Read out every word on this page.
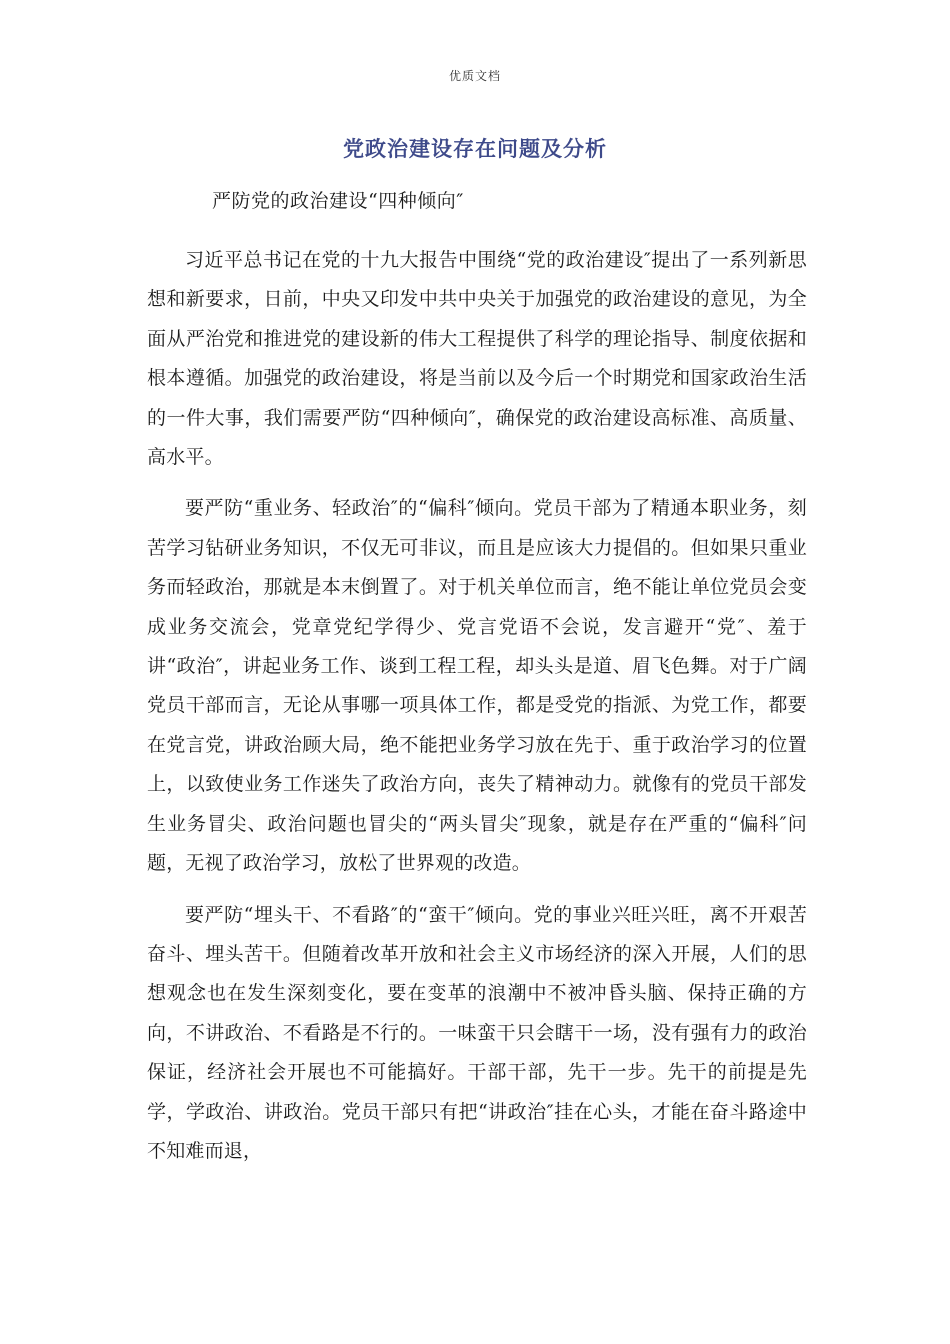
优质文档
党政治建设存在问题及分析
严防党的政治建设“四种倾向″

习近平总书记在党的十九大报告中围绕“党的政治建设″提出了一系列新思想和新要求，日前，中央又印发中共中央关于加强党的政治建设的意见，为全面从严治党和推进党的建设新的伟大工程提供了科学的理论指导、制度依据和根本遵循。加强党的政治建设，将是当前以及今后一个时期党和国家政治生活的一件大事，我们需要严防“四种倾向″，确保党的政治建设高标准、高质量、高水平。

要严防“重业务、轻政治″的“偏科″倾向。党员干部为了精通本职业务，刻苦学习钻研业务知识，不仅无可非议，而且是应该大力提倡的。但如果只重业务而轻政治，那就是本末倒置了。对于机关单位而言，绝不能让单位党员会变成业务交流会，党章党纪学得少、党言党语不会说，发言避开“党″、羞于讲“政治″，讲起业务工作、谈到工程工程，却头头是道、眉飞色舞。对于广阔党员干部而言，无论从事哪一项具体工作，都是受党的指派、为党工作，都要在党言党，讲政治顾大局，绝不能把业务学习放在先于、重于政治学习的位置上，以致使业务工作迷失了政治方向，丧失了精神动力。就像有的党员干部发生业务冒尖、政治问题也冒尖的“两头冒尖″现象，就是存在严重的“偏科″问题，无视了政治学习，放松了世界观的改造。

要严防“埋头干、不看路″的“蛮干″倾向。党的事业兴旺兴旺，离不开艰苦奋斗、埋头苦干。但随着改革开放和社会主义市场经济的深入开展，人们的思想观念也在发生深刻变化，要在变革的浪潮中不被冲昏头脑、保持正确的方向，不讲政治、不看路是不行的。一味蛮干只会瞎干一场，没有强有力的政治保证，经济社会开展也不可能搞好。干部干部，先干一步。先干的前提是先学，学政治、讲政治。党员干部只有把“讲政治″挂在心头，才能在奋斗路途中不知难而退，
